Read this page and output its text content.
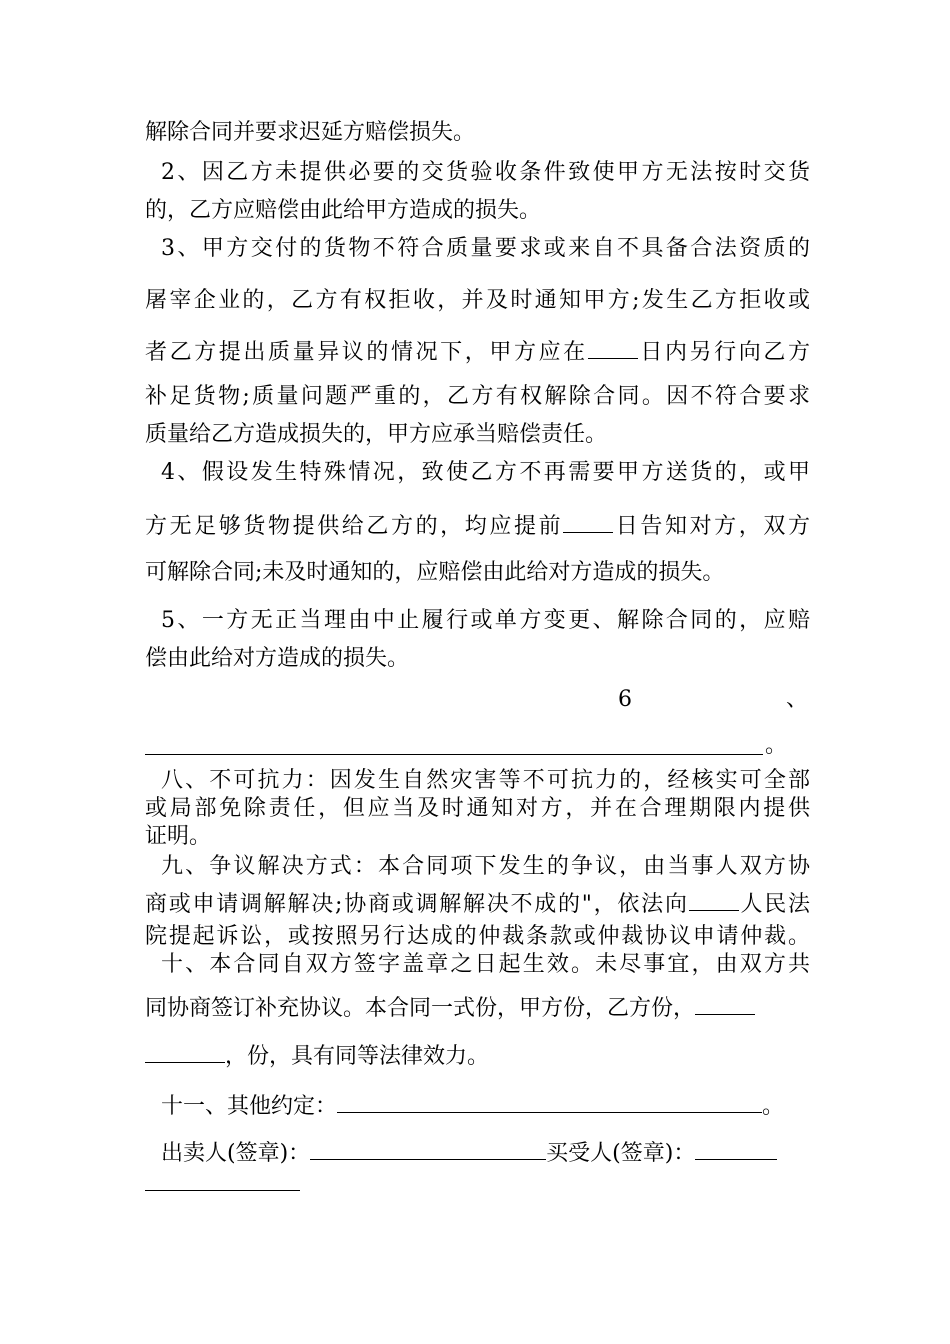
解除合同并要求迟延方赔偿损失。
2、因乙方未提供必要的交货验收条件致使甲方无法按时交货
的，乙方应赔偿由此给甲方造成的损失。
3、甲方交付的货物不符合质量要求或来自不具备合法资质的
屠宰企业的，乙方有权拒收，并及时通知甲方;发生乙方拒收或
者乙方提出质量异议的情况下，甲方应在 日内另行向乙方
补足货物;质量问题严重的，乙方有权解除合同。因不符合要求
质量给乙方造成损失的，甲方应承当赔偿责任。
4、假设发生特殊情况，致使乙方不再需要甲方送货的，或甲
方无足够货物提供给乙方的，均应提前 日告知对方，双方
可解除合同;未及时通知的，应赔偿由此给对方造成的损失。
5、一方无正当理由中止履行或单方变更、解除合同的，应赔
偿由此给对方造成的损失。
6	、
。
八、不可抗力：因发生自然灾害等不可抗力的，经核实可全部
或局部免除责任，但应当及时通知对方，并在合理期限内提供
证明。
九、争议解决方式：本合同项下发生的争议，由当事人双方协
商或申请调解解决;协商或调解解决不成的"，依法向 人民法
院提起诉讼，或按照另行达成的仲裁条款或仲裁协议申请仲裁。
十、本合同自双方签字盖章之日起生效。未尽事宜，由双方共
同协商签订补充协议。本合同一式份，甲方份，乙方份，
，份，具有同等法律效力。
十一、其他约定：	。
出卖人(签章)：	买受人(签章)：
